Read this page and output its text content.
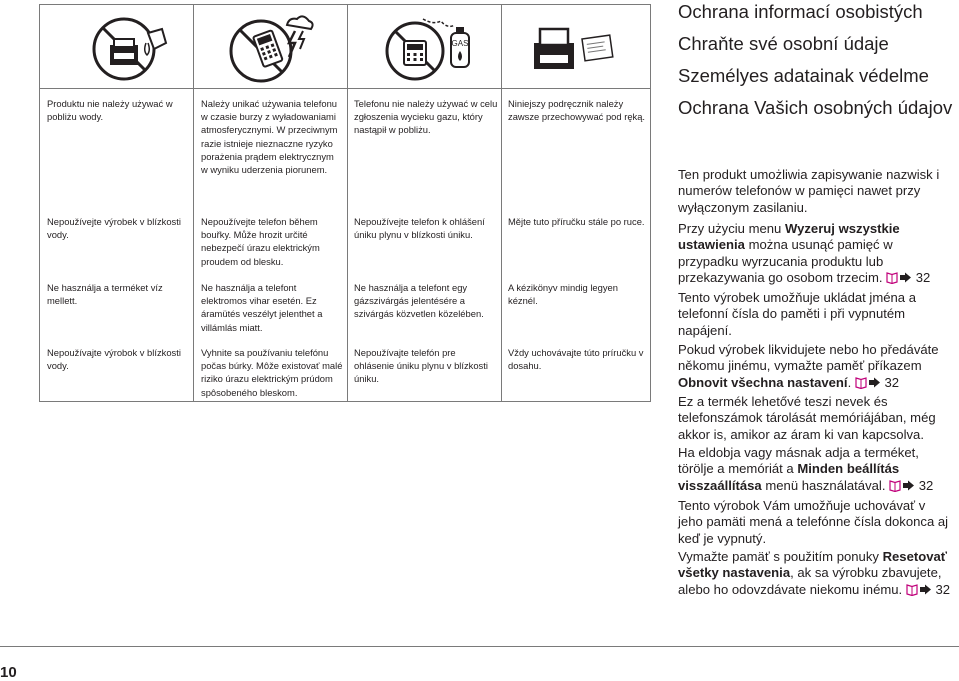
GAS
Produktu nie należy używać w pobliżu wody.
Nepoužívejte výrobek v blízkosti vody.
Ne használja a terméket víz mellett.
Nepoužívajte výrobok v blízkosti vody.
Należy unikać używania telefonu w czasie burzy z wyładowaniami atmosferycznymi. W przeciwnym razie istnieje nieznaczne ryzyko porażenia prądem elektrycznym w wyniku uderzenia piorunem.
Nepoužívejte telefon během bouřky. Může hrozit určité nebezpečí úrazu elektrickým proudem od blesku.
Ne használja a telefont elektromos vihar esetén. Ez áramütés veszélyt jelenthet a villámlás miatt.
Vyhnite sa používaniu telefónu počas búrky. Môže existovať malé riziko úrazu elektrickým prúdom spôsobeného bleskom.
Telefonu nie należy używać w celu zgłoszenia wycieku gazu, który nastąpił w pobliżu.
Nepoužívejte telefon k ohlášení úniku plynu v blízkosti úniku.
Ne használja a telefont egy gázszivárgás jelentésére a szivárgás közvetlen közelében.
Nepoužívajte telefón pre ohlásenie úniku plynu v blízkosti úniku.
Niniejszy podręcznik należy zawsze przechowywać pod ręką.
Mějte tuto příručku stále po ruce.
A kézikönyv mindig legyen kéznél.
Vždy uchovávajte túto príručku v dosahu.
Ochrana informací osobistých
Chraňte své osobní údaje
Személyes adatainak védelme
Ochrana Vašich osobných údajov
Ten produkt umożliwia zapisywanie nazwisk i numerów telefonów w pamięci nawet przy wyłączonym zasilaniu.
Przy użyciu menu Wyzeruj wszystkie ustawienia można usunąć pamięć w przypadku wyrzucania produktu lub przekazywania go osobom trzecim.  32
Tento výrobek umožňuje ukládat jména a telefonní čísla do paměti i při vypnutém napájení.
Pokud výrobek likvidujete nebo ho předáváte někomu jinému, vymažte paměť příkazem Obnovit všechna nastavení.  32
Ez a termék lehetővé teszi nevek és telefonszámok tárolását memóriájában, még akkor is, amikor az áram ki van kapcsolva.
Ha eldobja vagy másnak adja a terméket, törölje a memóriát a Minden beállítás visszaállítása menü használatával.  32
Tento výrobok Vám umožňuje uchovávať v jeho pamäti mená a telefónne čísla dokonca aj keď je vypnutý.
Vymažte pamäť s použitím ponuky Resetovať všetky nastavenia, ak sa výrobku zbavujete, alebo ho odovzdávate niekomu inému.  32
10
